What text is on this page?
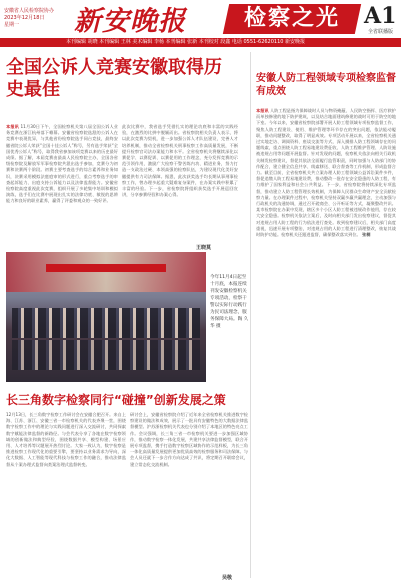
安徽省人民检察院协办
2023年12月18日
星期一	新安晚报	检察之光	A1
全省联播版
本刊编辑 胡晓 本刊编辑 王林 美术编辑 李杨 本刊编辑 张新 本刊校对 段鑫 电话 0551-62620110 新安晚报
全国公诉人竞赛安徽取得历史最佳
本报讯 11月30日下午，全国检察机关第八届全国公诉人业务竞赛在浙江杭州落下帷幕。安徽省检察院选派的公诉人在竞赛中表现优异，与其他省份检察院选手同台竞技，最终安徽省院公诉人荣获“全国十佳公诉人”称号，另有选手荣获“全国优秀公诉人”称号，取得我省参加该项竞赛以来的历史最好成绩。据了解，本届竞赛由最高人民检察院主办，全国各省级检察院及解放军军事检察院共派出选手参加，竞赛分为初赛和决赛两个阶段。初赛主要考查选手的综合素养和业务知识，决赛采用模拟法庭庭审的形式进行，重点考察选手的审查起诉能力、出庭支持公诉能力以及法律监督能力。安徽省检察院高度重视此次竞赛，组织开展了多轮集中培训和模拟演练，选手们在比赛中展现出扎实的法律功底、敏锐的思辨能力和良好的职业素养，赢得了评委和观众的一致好评。
此次比赛中，我省选手凭借扎实的理论功底和丰富的实践经验，在激烈的比拼中脱颖而出。省检察院相关负责人表示，将以此次竞赛为契机，进一步加强公诉人才队伍建设，完善人才培养机制，推动全省检察机关刑事检察工作高质量发展，不断提升检察官司法办案能力和水平。全省检察机关将继续深化以赛促学、以赛促训、以赛促用的工作理念，充分发挥竞赛的示范引领作用，激励广大检察干警苦练内功、精进业务，努力打造一支政治过硬、本领高强的检察队伍，为建设现代化美好安徽提供有力司法保障。据悉，此次获奖选手均长期从事刑事检察工作，曾办理多起重大疑难复杂案件，在办案实践中积累了丰富的经验。下一步，省检察院将组织获奖选手开展巡回宣讲，分享参赛经验和办案心得。
王晓莫
今年11月4日起至十月底，本报连续刊发安徽检察机关专项活动，检察干警以实际行动践行为民司法理念，服务保障大局。陶 久华 摄
安徽人防工程领域专项检察监督有成效
本报讯 人防工程是指为保障战时人员与物资掩蔽、人民防空指挥、医疗救护而单独修建的地下防护建筑，以及结合地面建筑修建的战时可用于防空的地下室。今年以来，安徽省检察院部署开展人防工程领域专项检察监督工作，聚焦人防工程建设、使用、维护管理等环节存在的突出问题，依法能动履职，推动问题整改，取得了明显成效。专项活动开展以来，全省检察机关通过实地走访、调阅资料、座谈交流等方式，深入摸排人防工程领域存在的问题线索，重点围绕人防工程易地建设费征收、人防工程维护管理、人防设施被违规占用等问题开展监督。针对发现的问题，检察机关依法向相关行政机关制发检察建议，督促其依法全面履行监管职责，同时加强与人防部门的协作配合，建立健全信息共享、线索移送、联合督查等工作机制，形成监督合力。截至目前，全省检察机关共立案办理人防工程领域公益诉讼案件多件，督促追缴人防工程易地建设费，推动整改一批存在安全隐患的人防工程，有力维护了国家利益和社会公共利益。下一步，省检察院将持续深化专项监督，推动建立人防工程管理长效机制，为保障人民群众生命财产安全贡献检察力量。在办理案件过程中，检察机关坚持双赢多赢共赢理念，主动加强与行政机关的沟通协调，通过召开磋商会、公开听证等方式，凝聚整改共识。某市检察院在办案中发现，辖区多个小区人防工程被违规改作他用，存在较大安全隐患。检察机关依法立案后，及时向相关部门发出检察建议，督促其对违规占用人防工程的行为依法进行查处。收到检察建议后，相关部门高度重视，迅速开展专项整治，对违规占用的人防工程进行清理整改，恢复其战时防护功能。检察机关还跟进监督，确保整改落实到位。 张桐
长三角数字检察同行“碰撞”创新发展之策
12月13日，长三角数字检察工作研讨会在安徽合肥召开。来自上海、江苏、浙江、安徽三省一市检察机关的代表齐聚一堂，围绕数字检察工作中的理论与实践问题进行深入交流研讨，共同探索数字赋能法律监督的新路径。与会代表分享了各地在数字检察领域的创新做法和典型经验，围绕数据共享、模型构建、场景应用、人才培养等议题展开热烈讨论。大家一致认为，数字检察是推进检察工作现代化的重要引擎，要坚持以业务需求为导向，深化大数据、人工智能等现代科技与检察工作的融合，推动法律监督从个案办理式监督向类案治理式监督转变。
研讨会上，安徽省检察院介绍了近年来全省检察机关推进数字检察建设的做法和成效，展示了一批具有安徽特色的大数据法律监督模型。沪苏浙检察机关代表也分别介绍了本地区的特色亮点工作。会议强调，长三角三省一市检察机关要进一步加强区域协作，推动数字检察一体化发展，共建共享法律监督模型，联合开展专项监督，携手打造数字检察区域协作的示范样板，为长三角一体化高质量发展提供更加优质高效的检察服务和司法保障。与会人员还就下一步合作方向达成了共识，将定期召开联席会议，建立常态化交流机制。
吴敬
